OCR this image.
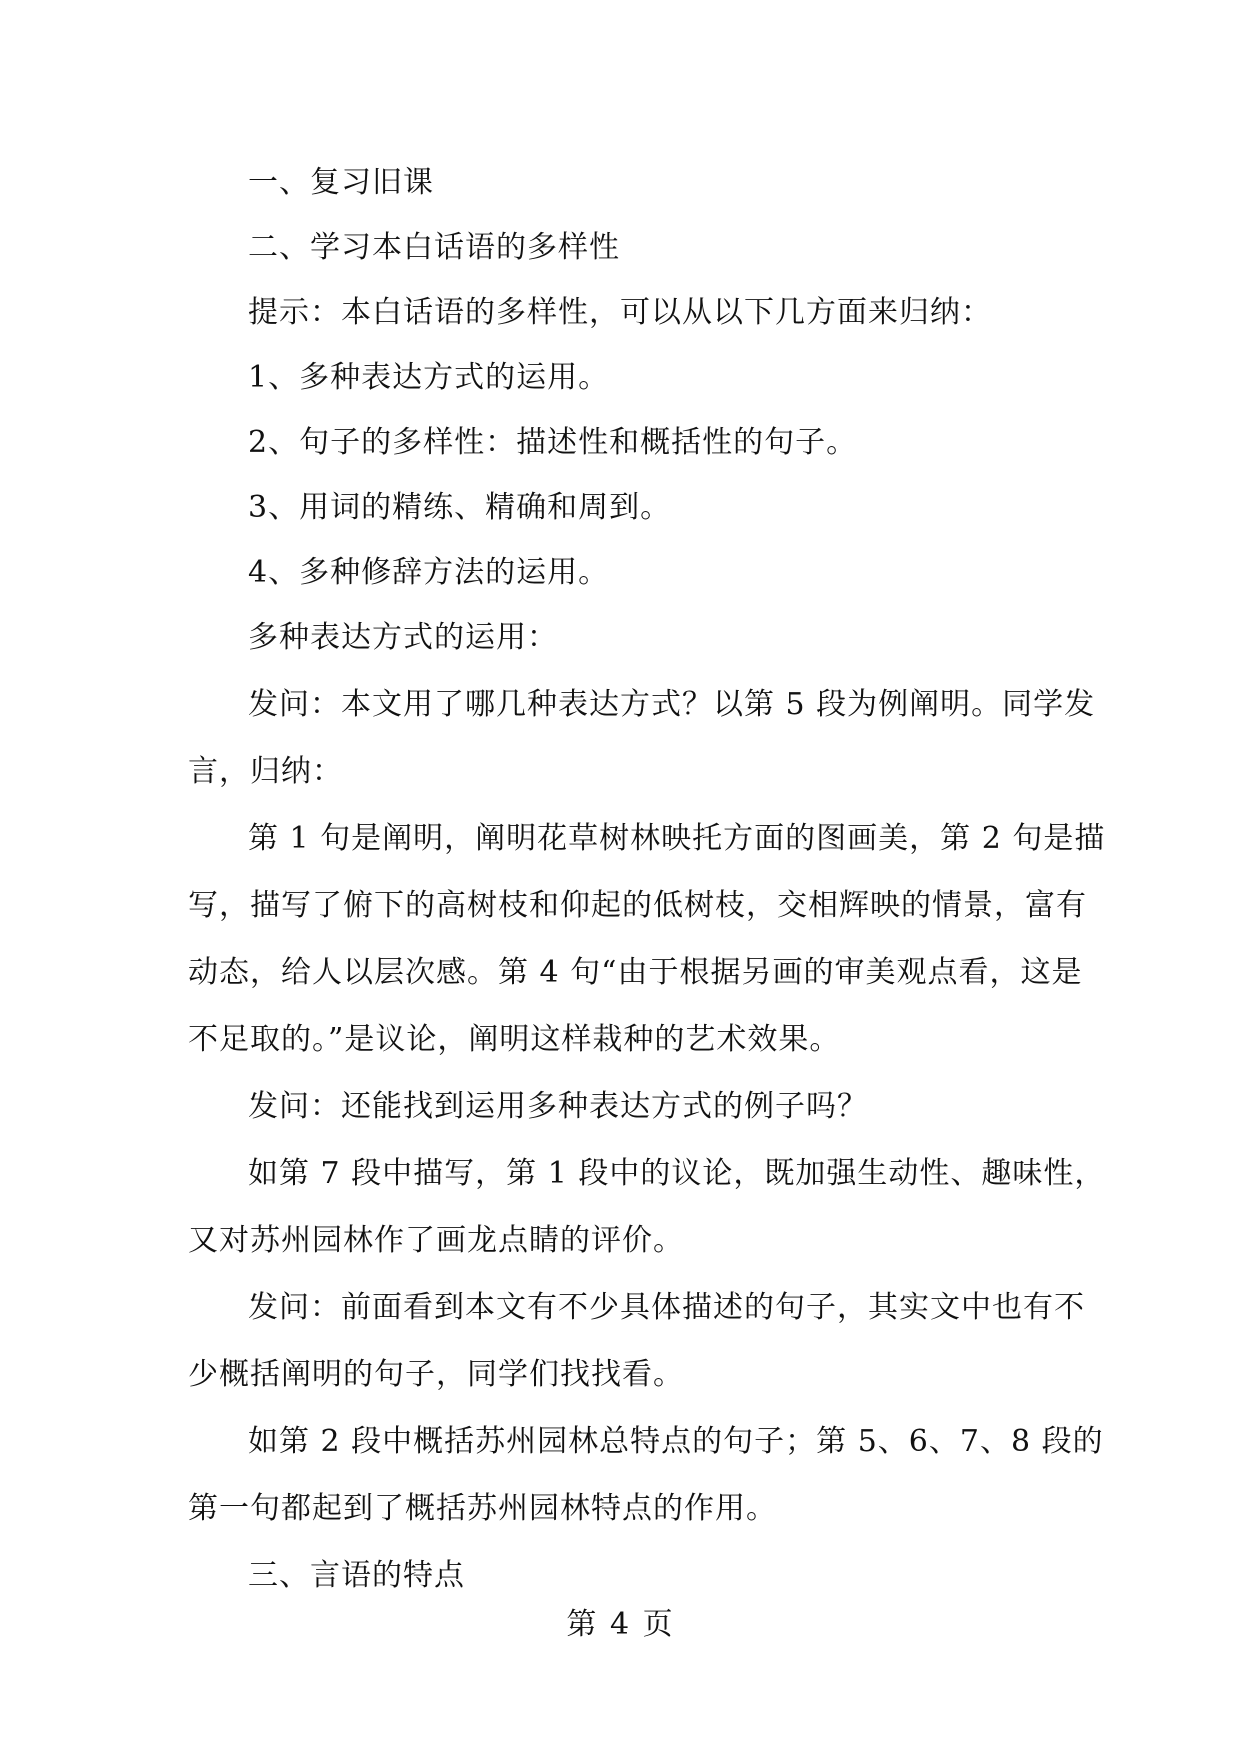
一、复习旧课
二、学习本白话语的多样性
提示：本白话语的多样性，可以从以下几方面来归纳：
1、多种表达方式的运用。
2、句子的多样性：描述性和概括性的句子。
3、用词的精练、精确和周到。
4、多种修辞方法的运用。
多种表达方式的运用：
发问：本文用了哪几种表达方式？以第 5 段为例阐明。同学发
言，归纳：
第 1 句是阐明，阐明花草树林映托方面的图画美，第 2 句是描
写，描写了俯下的高树枝和仰起的低树枝，交相辉映的情景，富有
动态，给人以层次感。第 4 句“由于根据另画的审美观点看，这是
不足取的。”是议论，阐明这样栽种的艺术效果。
发问：还能找到运用多种表达方式的例子吗？
如第 7 段中描写，第 1 段中的议论，既加强生动性、趣味性，
又对苏州园林作了画龙点睛的评价。
发问：前面看到本文有不少具体描述的句子，其实文中也有不
少概括阐明的句子，同学们找找看。
如第 2 段中概括苏州园林总特点的句子；第 5、6、7、8 段的
第一句都起到了概括苏州园林特点的作用。
三、言语的特点
第 4 页
